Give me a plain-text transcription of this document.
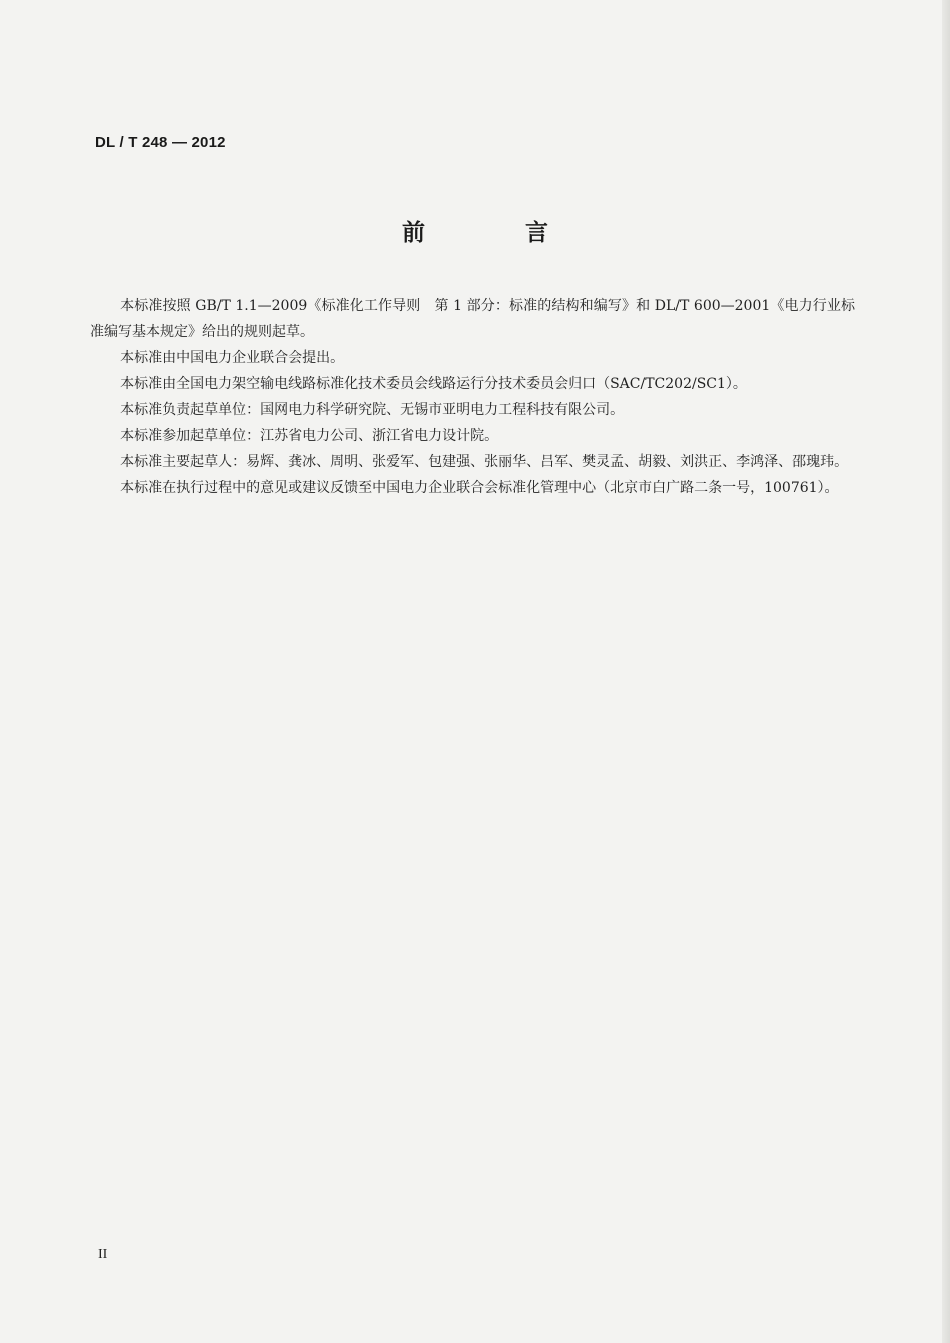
DL / T 248 — 2012
前 言

本标准按照 GB/T 1.1—2009《标准化工作导则　第 1 部分：标准的结构和编写》和 DL/T 600—2001《电力行业标准编写基本规定》给出的规则起草。

本标准由中国电力企业联合会提出。

本标准由全国电力架空输电线路标准化技术委员会线路运行分技术委员会归口（SAC/TC202/SC1）。

本标准负责起草单位：国网电力科学研究院、无锡市亚明电力工程科技有限公司。

本标准参加起草单位：江苏省电力公司、浙江省电力设计院。

本标准主要起草人：易辉、龚冰、周明、张爱军、包建强、张丽华、吕军、樊灵孟、胡毅、刘洪正、李鸿泽、邵瑰玮。

本标准在执行过程中的意见或建议反馈至中国电力企业联合会标准化管理中心（北京市白广路二条一号，100761）。

II
